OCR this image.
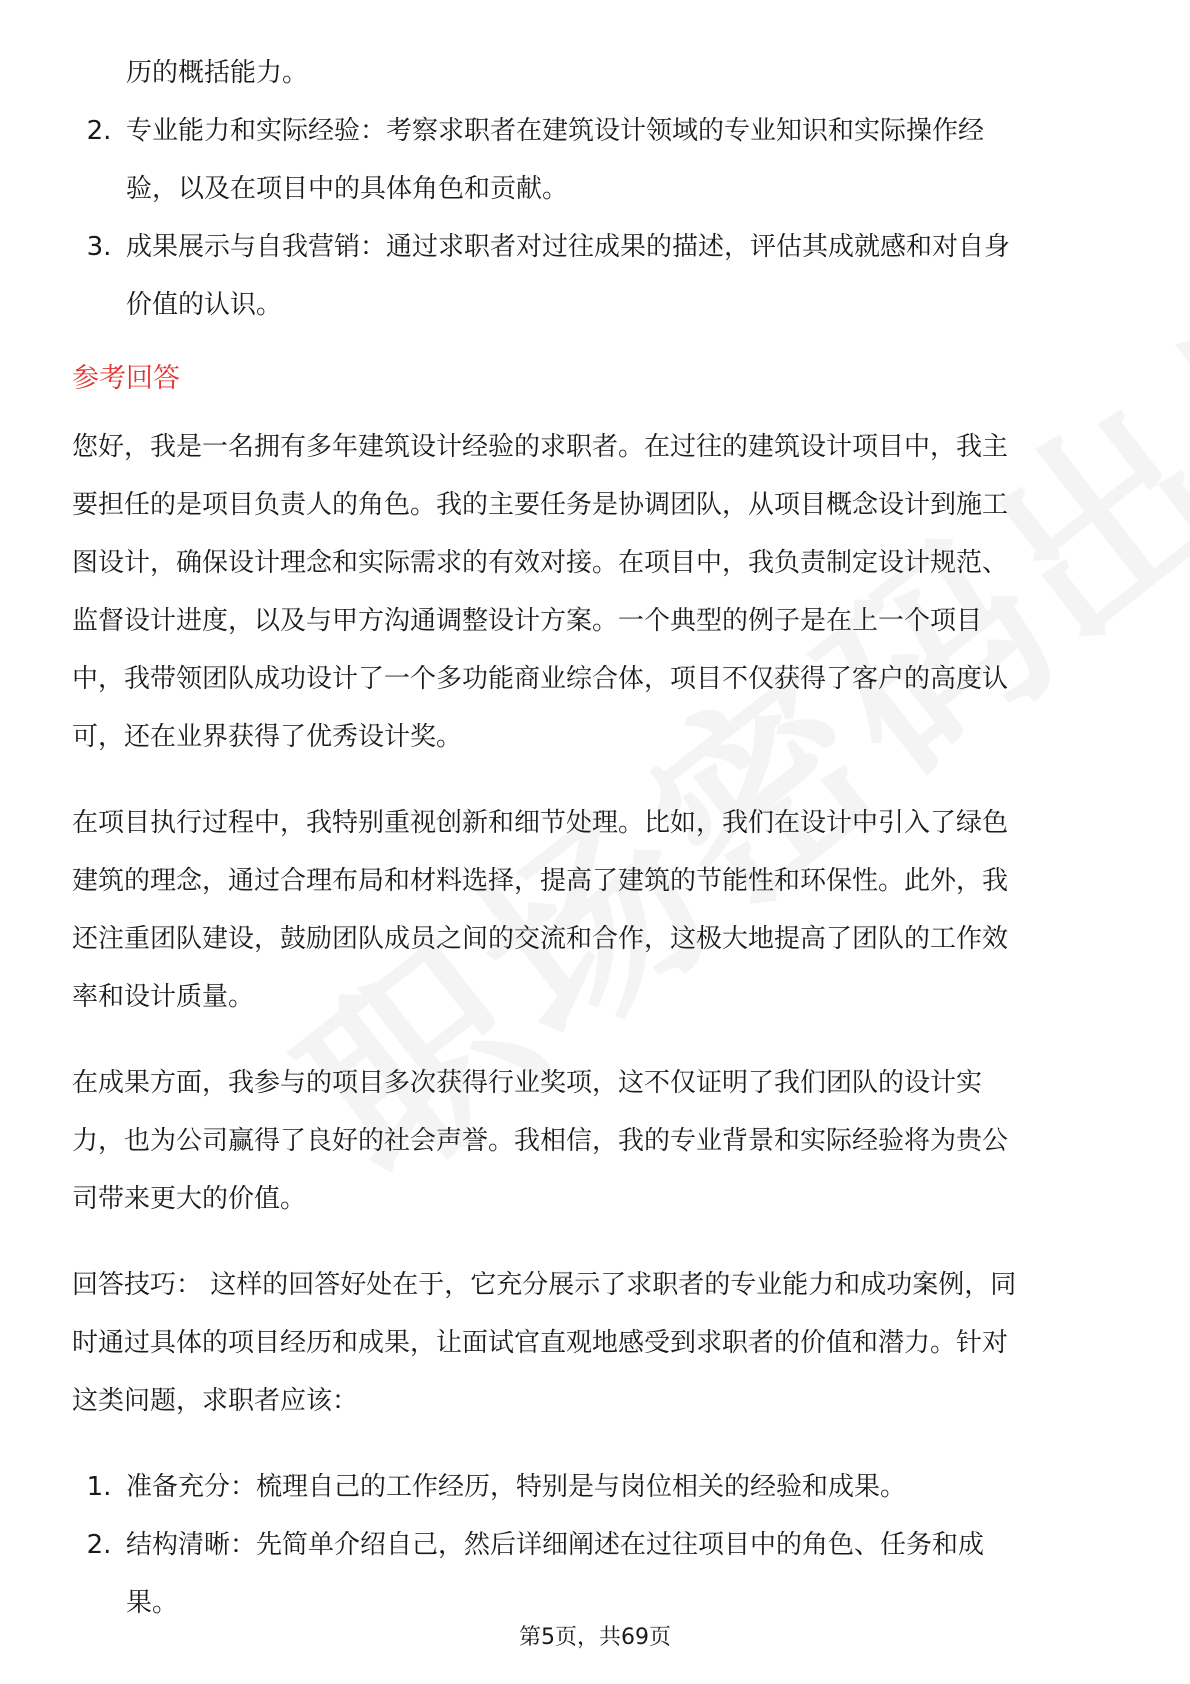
历的概括能力。

2. 专业能力和实际经验：考察求职者在建筑设计领域的专业知识和实际操作经
验，以及在项目中的具体角色和贡献。
3. 成果展示与自我营销：通过求职者对过往成果的描述，评估其成就感和对自身
价值的认识。
参考回答
您好，我是一名拥有多年建筑设计经验的求职者。在过往的建筑设计项目中，我主
要担任的是项目负责人的角色。我的主要任务是协调团队，从项目概念设计到施工
图设计，确保设计理念和实际需求的有效对接。在项目中，我负责制定设计规范、
监督设计进度，以及与甲方沟通调整设计方案。一个典型的例子是在上一个项目
中，我带领团队成功设计了一个多功能商业综合体，项目不仅获得了客户的高度认
可，还在业界获得了优秀设计奖。
在项目执行过程中，我特别重视创新和细节处理。比如，我们在设计中引入了绿色
建筑的理念，通过合理布局和材料选择，提高了建筑的节能性和环保性。此外，我
还注重团队建设，鼓励团队成员之间的交流和合作，这极大地提高了团队的工作效
率和设计质量。
在成果方面，我参与的项目多次获得行业奖项，这不仅证明了我们团队的设计实
力，也为公司赢得了良好的社会声誉。我相信，我的专业背景和实际经验将为贵公
司带来更大的价值。
回答技巧： 这样的回答好处在于，它充分展示了求职者的专业能力和成功案例，同
时通过具体的项目经历和成果，让面试官直观地感受到求职者的价值和潜力。针对
这类问题，求职者应该：
1. 准备充分：梳理自己的工作经历，特别是与岗位相关的经验和成果。
2. 结构清晰：先简单介绍自己，然后详细阐述在过往项目中的角色、任务和成
果。
第5页，共69页
